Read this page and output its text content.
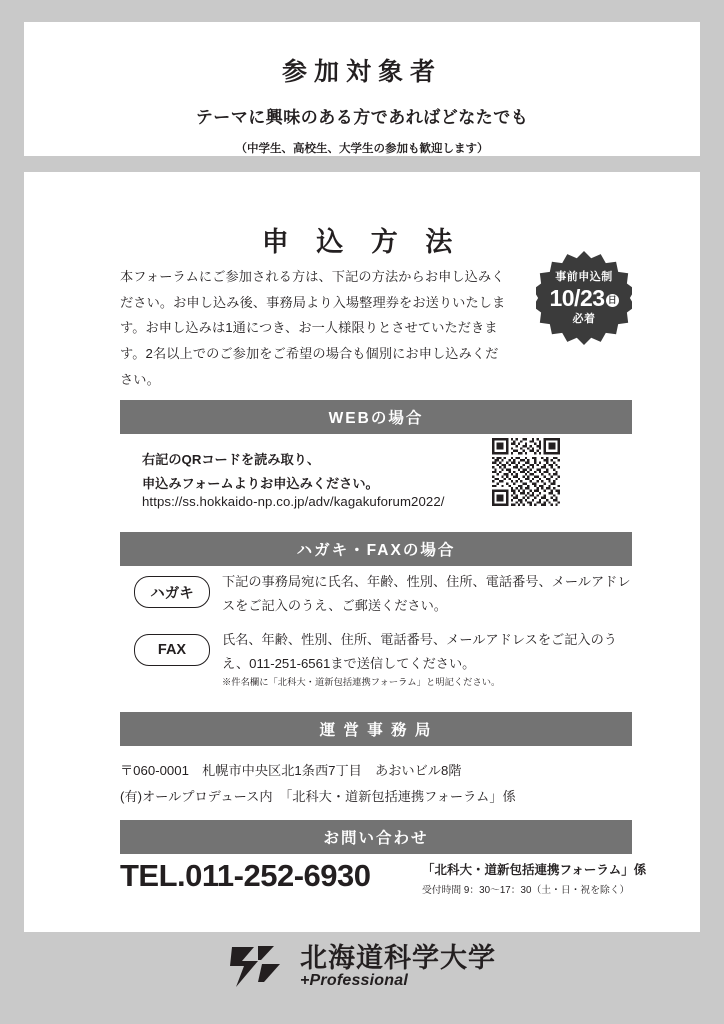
参加対象者

テーマに興味のある方であればどなたでも

（中学生、高校生、大学生の参加も歓迎します）

申 込 方 法
本フォーラムにご参加される方は、下記の方法からお申し込みください。お申し込み後、事務局より入場整理券をお送りいたします。お申し込みは1通につき、お一人様限りとさせていただきます。2名以上でのご参加をご希望の場合も個別にお申し込みください。
事前申込制
10/23 日
必着
WEBの場合
右記のQRコードを読み取り、
申込みフォームよりお申込みください。
https://ss.hokkaido-np.co.jp/adv/kagakuforum2022/
ハガキ・FAXの場合
ハガキ
下記の事務局宛に氏名、年齢、性別、住所、電話番号、メールアドレスをご記入のうえ、ご郵送ください。
FAX
氏名、年齢、性別、住所、電話番号、メールアドレスをご記入のうえ、011-251-6561まで送信してください。
※件名欄に「北科大・道新包括連携フォーラム」と明記ください。
運 営 事 務 局
〒060-0001　札幌市中央区北1条西7丁目　あおいビル8階
(有)オールプロデュース内　「北科大・道新包括連携フォーラム」係
お問い合わせ
TEL.011-252-6930	「北科大・道新包括連携フォーラム」係
受付時間 9：30〜17：30（土・日・祝を除く）
北海道科学大学
+Professional
